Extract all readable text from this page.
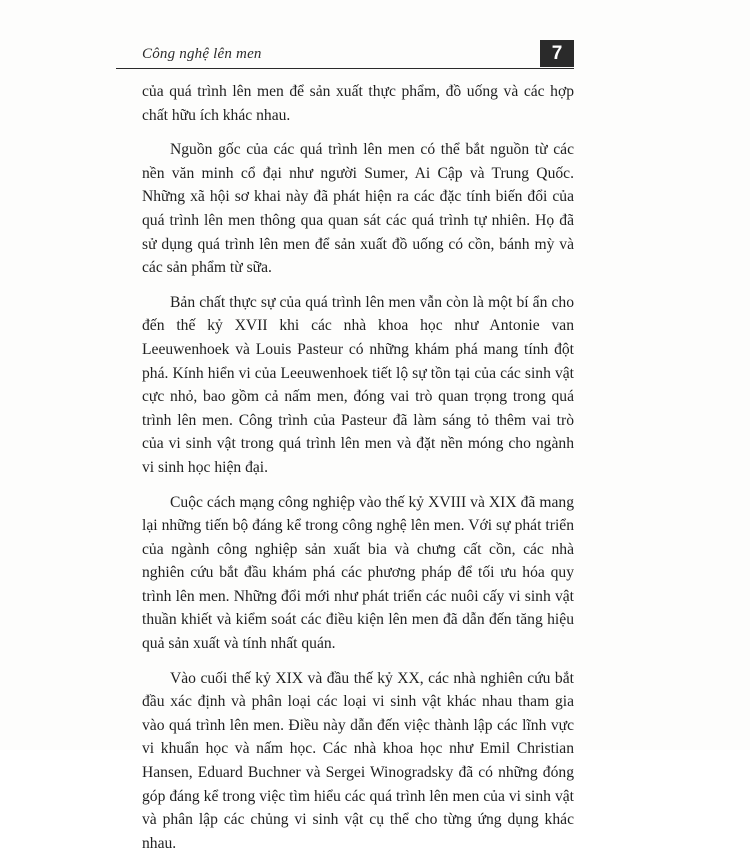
Công nghệ lên men	7

của quá trình lên men để sản xuất thực phẩm, đồ uống và các hợp chất hữu ích khác nhau.

Nguồn gốc của các quá trình lên men có thể bắt nguồn từ các nền văn minh cổ đại như người Sumer, Ai Cập và Trung Quốc. Những xã hội sơ khai này đã phát hiện ra các đặc tính biến đổi của quá trình lên men thông qua quan sát các quá trình tự nhiên. Họ đã sử dụng quá trình lên men để sản xuất đồ uống có cồn, bánh mỳ và các sản phẩm từ sữa.

Bản chất thực sự của quá trình lên men vẫn còn là một bí ẩn cho đến thế kỷ XVII khi các nhà khoa học như Antonie van Leeuwenhoek và Louis Pasteur có những khám phá mang tính đột phá. Kính hiển vi của Leeuwenhoek tiết lộ sự tồn tại của các sinh vật cực nhỏ, bao gồm cả nấm men, đóng vai trò quan trọng trong quá trình lên men. Công trình của Pasteur đã làm sáng tỏ thêm vai trò của vi sinh vật trong quá trình lên men và đặt nền móng cho ngành vi sinh học hiện đại.

Cuộc cách mạng công nghiệp vào thế kỷ XVIII và XIX đã mang lại những tiến bộ đáng kể trong công nghệ lên men. Với sự phát triển của ngành công nghiệp sản xuất bia và chưng cất cồn, các nhà nghiên cứu bắt đầu khám phá các phương pháp để tối ưu hóa quy trình lên men. Những đổi mới như phát triển các nuôi cấy vi sinh vật thuần khiết và kiểm soát các điều kiện lên men đã dẫn đến tăng hiệu quả sản xuất và tính nhất quán.

Vào cuối thế kỷ XIX và đầu thế kỷ XX, các nhà nghiên cứu bắt đầu xác định và phân loại các loại vi sinh vật khác nhau tham gia vào quá trình lên men. Điều này dẫn đến việc thành lập các lĩnh vực vi khuẩn học và nấm học. Các nhà khoa học như Emil Christian Hansen, Eduard Buchner và Sergei Winogradsky đã có những đóng góp đáng kể trong việc tìm hiểu các quá trình lên men của vi sinh vật và phân lập các chủng vi sinh vật cụ thể cho từng ứng dụng khác nhau.
